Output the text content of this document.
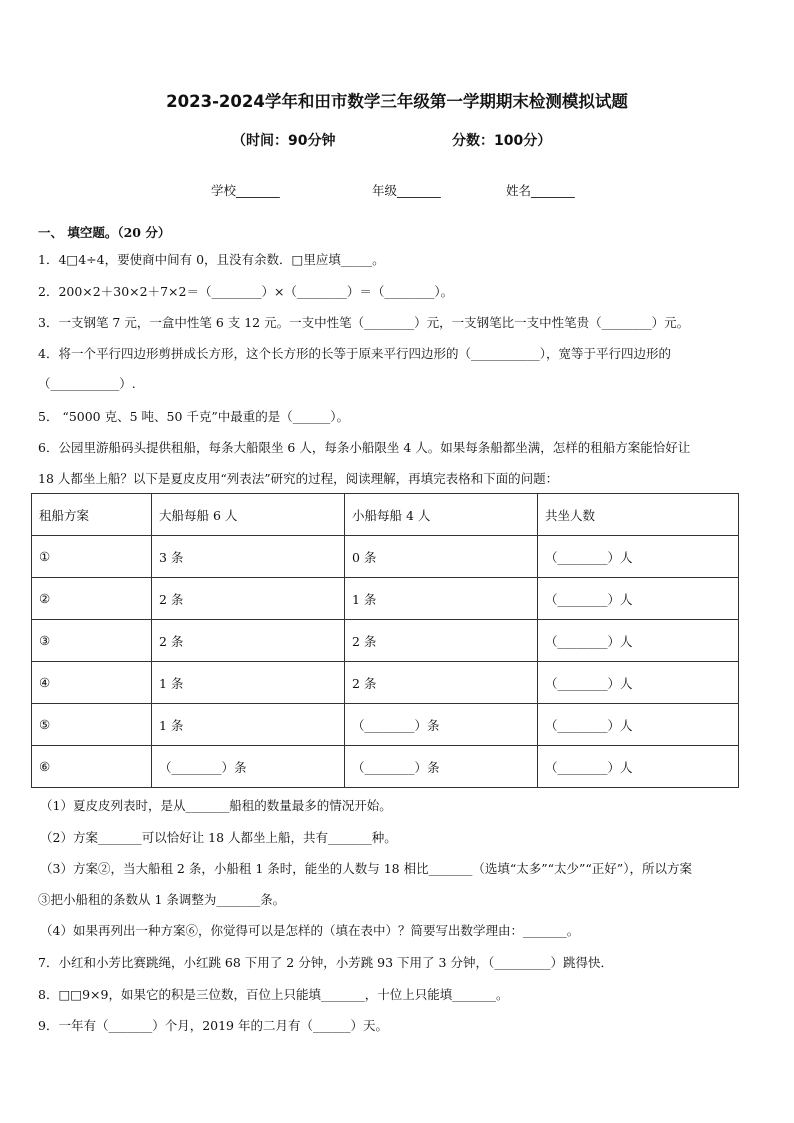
2023-2024学年和田市数学三年级第一学期期末检测模拟试题
（时间：90分钟	分数：100分）
学校_______	年级_______	姓名_______
一、 填空题。（20 分）
1．4□4÷4，要使商中间有 0，且没有余数．□里应填_____。
2．200×2＋30×2＋7×2＝（________）×（________）＝（________）。
3．一支钢笔 7 元，一盒中性笔 6 支 12 元。一支中性笔（________）元，一支钢笔比一支中性笔贵（________）元。
4．将一个平行四边形剪拼成长方形，这个长方形的长等于原来平行四边形的（___________），宽等于平行四边形的
（___________）.
5． “5000 克、5 吨、50 千克”中最重的是（______）。
6．公园里游船码头提供租船，每条大船限坐 6 人，每条小船限坐 4 人。如果每条船都坐满，怎样的租船方案能恰好让
18 人都坐上船？以下是夏皮皮用“列表法”研究的过程，阅读理解，再填完表格和下面的问题：
租船方案	大船每船 6 人	小船每船 4 人	共坐人数
①	3 条	0 条	（________）人
②	2 条	1 条	（________）人
③	2 条	2 条	（________）人
④	1 条	2 条	（________）人
⑤	1 条	（________）条	（________）人
⑥	（________）条	（________）条	（________）人
（1）夏皮皮列表时，是从_______船租的数量最多的情况开始。
（2）方案_______可以恰好让 18 人都坐上船，共有_______种。
（3）方案②，当大船租 2 条，小船租 1 条时，能坐的人数与 18 相比_______（选填“太多”“太少”“正好”），所以方案
③把小船租的条数从 1 条调整为_______条。
（4）如果再列出一种方案⑥，你觉得可以是怎样的（填在表中）？简要写出数学理由：_______。
7．小红和小芳比赛跳绳，小红跳 68 下用了 2 分钟，小芳跳 93 下用了 3 分钟，（_________）跳得快．
8．□□9×9，如果它的积是三位数，百位上只能填_______，十位上只能填_______。
9．一年有（_______）个月，2019 年的二月有（______）天。
